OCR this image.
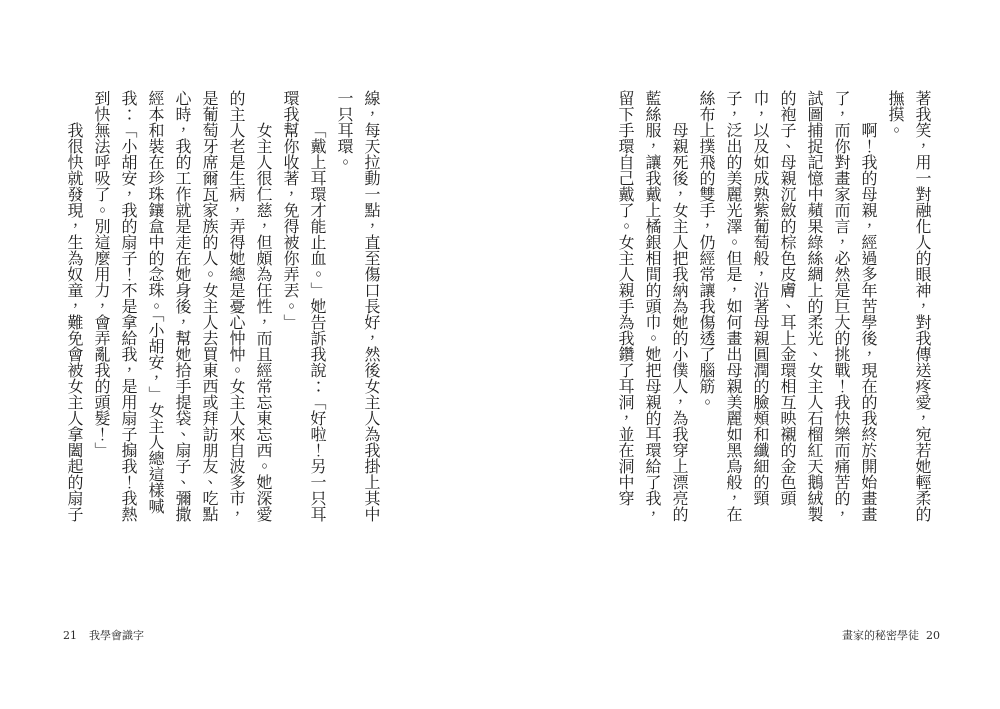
著我笑，用一對融化人的眼神，對我傳送疼愛，宛若她輕柔的撫摸。

啊！我的母親，經過多年苦學後，現在的我終於開始畫畫了，而你對畫家而言，必然是巨大的挑戰！我快樂而痛苦的，試圖捕捉記憶中蘋果綠絲綢上的柔光、女主人石榴紅天鵝絨製的袍子、母親沉斂的棕色皮膚、耳上金環相互映襯的金色頭巾，以及如成熟紫葡萄般，沿著母親圓潤的臉頰和纖細的頸子，泛出的美麗光澤。但是，如何畫出母親美麗如黑鳥般，在絲布上撲飛的雙手，仍經常讓我傷透了腦筋。

母親死後，女主人把我納為她的小僕人，為我穿上漂亮的藍絲服，讓我戴上橘銀相間的頭巾。她把母親的耳環給了我，留下手環自己戴了。女主人親手為我鑽了耳洞，並在洞中穿

畫家的秘密學徒 20

線，每天拉動一點，直至傷口長好，然後女主人為我掛上其中一只耳環。

「戴上耳環才能止血。」她告訴我說：「好啦！另一只耳環我幫你收著，免得被你弄丟。」

女主人很仁慈，但頗為任性，而且經常忘東忘西。她深愛的主人老是生病，弄得她總是憂心忡忡。女主人來自波多市，是葡萄牙席爾瓦家族的人。女主人去買東西或拜訪朋友、吃點心時，我的工作就是走在她身後，幫她拾手提袋、扇子、彌撒經本和裝在珍珠鑲盒中的念珠。「小胡安，」女主人總這樣喊我：「小胡安，我的扇子！不是拿給我，是用扇子搧我！我熱到快無法呼吸了。別這麼用力，會弄亂我的頭髮！」

我很快就發現，生為奴童，難免會被女主人拿闔起的扇子

21 我學會識字
